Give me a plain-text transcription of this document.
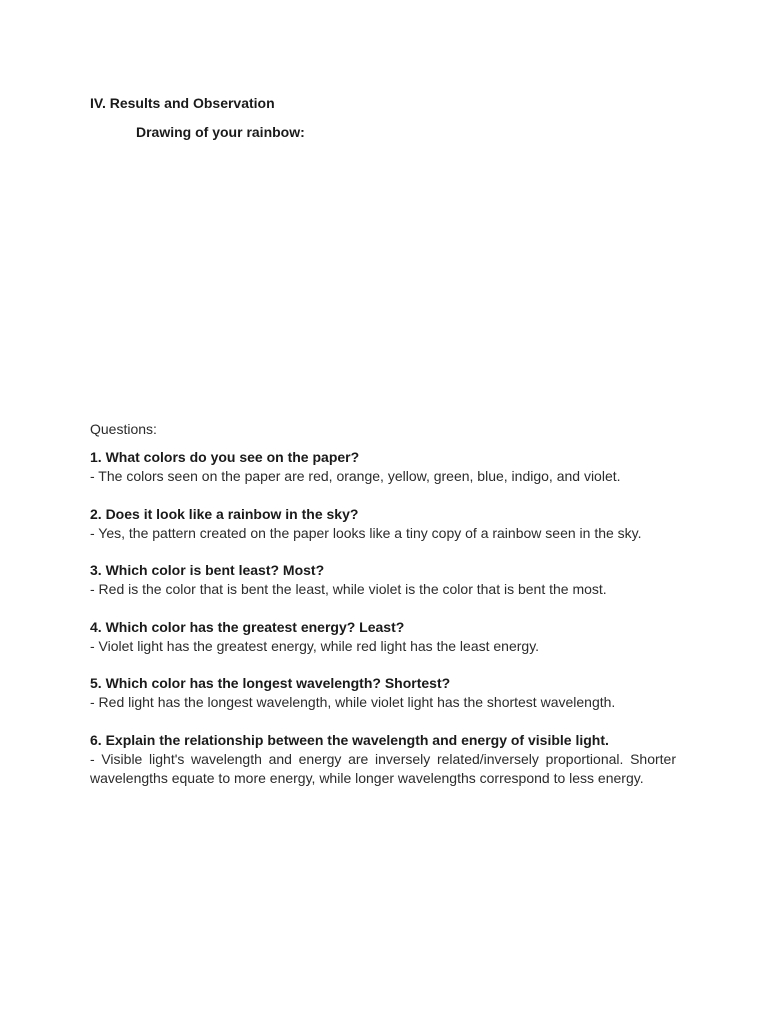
IV. Results and Observation

Drawing of your rainbow:

Questions:

1. What colors do you see on the paper?

- The colors seen on the paper are red, orange, yellow, green, blue, indigo, and violet.

2. Does it look like a rainbow in the sky?

- Yes, the pattern created on the paper looks like a tiny copy of a rainbow seen in the sky.

3. Which color is bent least? Most?

- Red is the color that is bent the least, while violet is the color that is bent the most.

4. Which color has the greatest energy? Least?

- Violet light has the greatest energy, while red light has the least energy.

5. Which color has the longest wavelength? Shortest?

- Red light has the longest wavelength, while violet light has the shortest wavelength.

6. Explain the relationship between the wavelength and energy of visible light.

- Visible light's wavelength and energy are inversely related/inversely proportional. Shorter wavelengths equate to more energy, while longer wavelengths correspond to less energy.
